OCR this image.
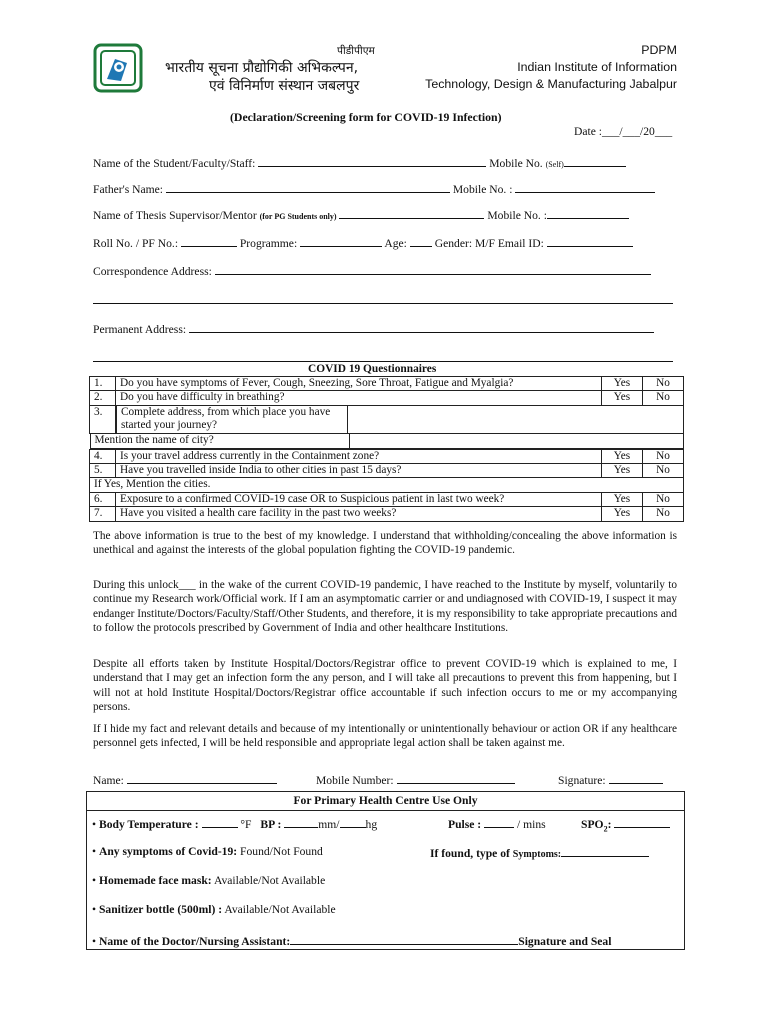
पीडीपीएम
भारतीय सूचना प्रौद्योगिकी अभिकल्पन,
एवं विनिर्माण संस्थान जबलपुर
PDPM
Indian Institute of Information
Technology, Design & Manufacturing Jabalpur
(Declaration/Screening form for COVID-19 Infection)
Date :___/___/20___
Name of the Student/Faculty/Staff:	Mobile No. (Self)
Father's Name:	Mobile No. :
Name of Thesis Supervisor/Mentor (for PG Students only)	Mobile No. :
Roll No. / PF No.:	Programme:	Age: Gender: M/F Email ID:
Correspondence Address:
Permanent Address:
COVID 19 Questionnaires
1.	Do you have symptoms of Fever, Cough, Sneezing, Sore Throat, Fatigue and Myalgia?	Yes	No
2.	Do you have difficulty in breathing?	Yes	No
3.	Complete address, from which place you have started your journey?	

Mention the name of city?	

4.	Is your travel address currently in the Containment zone?	Yes	No
5.	Have you travelled inside India to other cities in past 15 days?	Yes	No
If Yes, Mention the cities.
6.	Exposure to a confirmed COVID-19 case OR to Suspicious patient in last two week?	Yes	No
7.	Have you visited a health care facility in the past two weeks?	Yes	No
The above information is true to the best of my knowledge. I understand that withholding/concealing the above information is unethical and against the interests of the global population fighting the COVID-19 pandemic.
During this unlock___ in the wake of the current COVID-19 pandemic, I have reached to the Institute by myself, voluntarily to continue my Research work/Official work. If I am an asymptomatic carrier or and undiagnosed with COVID-19, I suspect it may endanger Institute/Doctors/Faculty/Staff/Other Students, and therefore, it is my responsibility to take appropriate precautions and to follow the protocols prescribed by Government of India and other healthcare Institutions.
Despite all efforts taken by Institute Hospital/Doctors/Registrar office to prevent COVID-19 which is explained to me, I understand that I may get an infection form the any person, and I will take all precautions to prevent this from happening, but I will not at hold Institute Hospital/Doctors/Registrar office accountable if such infection occurs to me or my accompanying persons.
If I hide my fact and relevant details and because of my intentionally or unintentionally behaviour or action OR if any healthcare personnel gets infected, I will be held responsible and appropriate legal action shall be taken against me.
Name:	Mobile Number:	Signature:
For Primary Health Centre Use Only
• Body Temperature :	°F BP :	mm/ hg	Pulse :	/ mins	$SPO_2$:
• Any symptoms of Covid-19: Found/Not Found	If found, type of Symptoms:
• Homemade face mask: Available/Not Available
• Sanitizer bottle (500ml) : Available/Not Available
• Name of the Doctor/Nursing Assistant:	Signature and Seal
